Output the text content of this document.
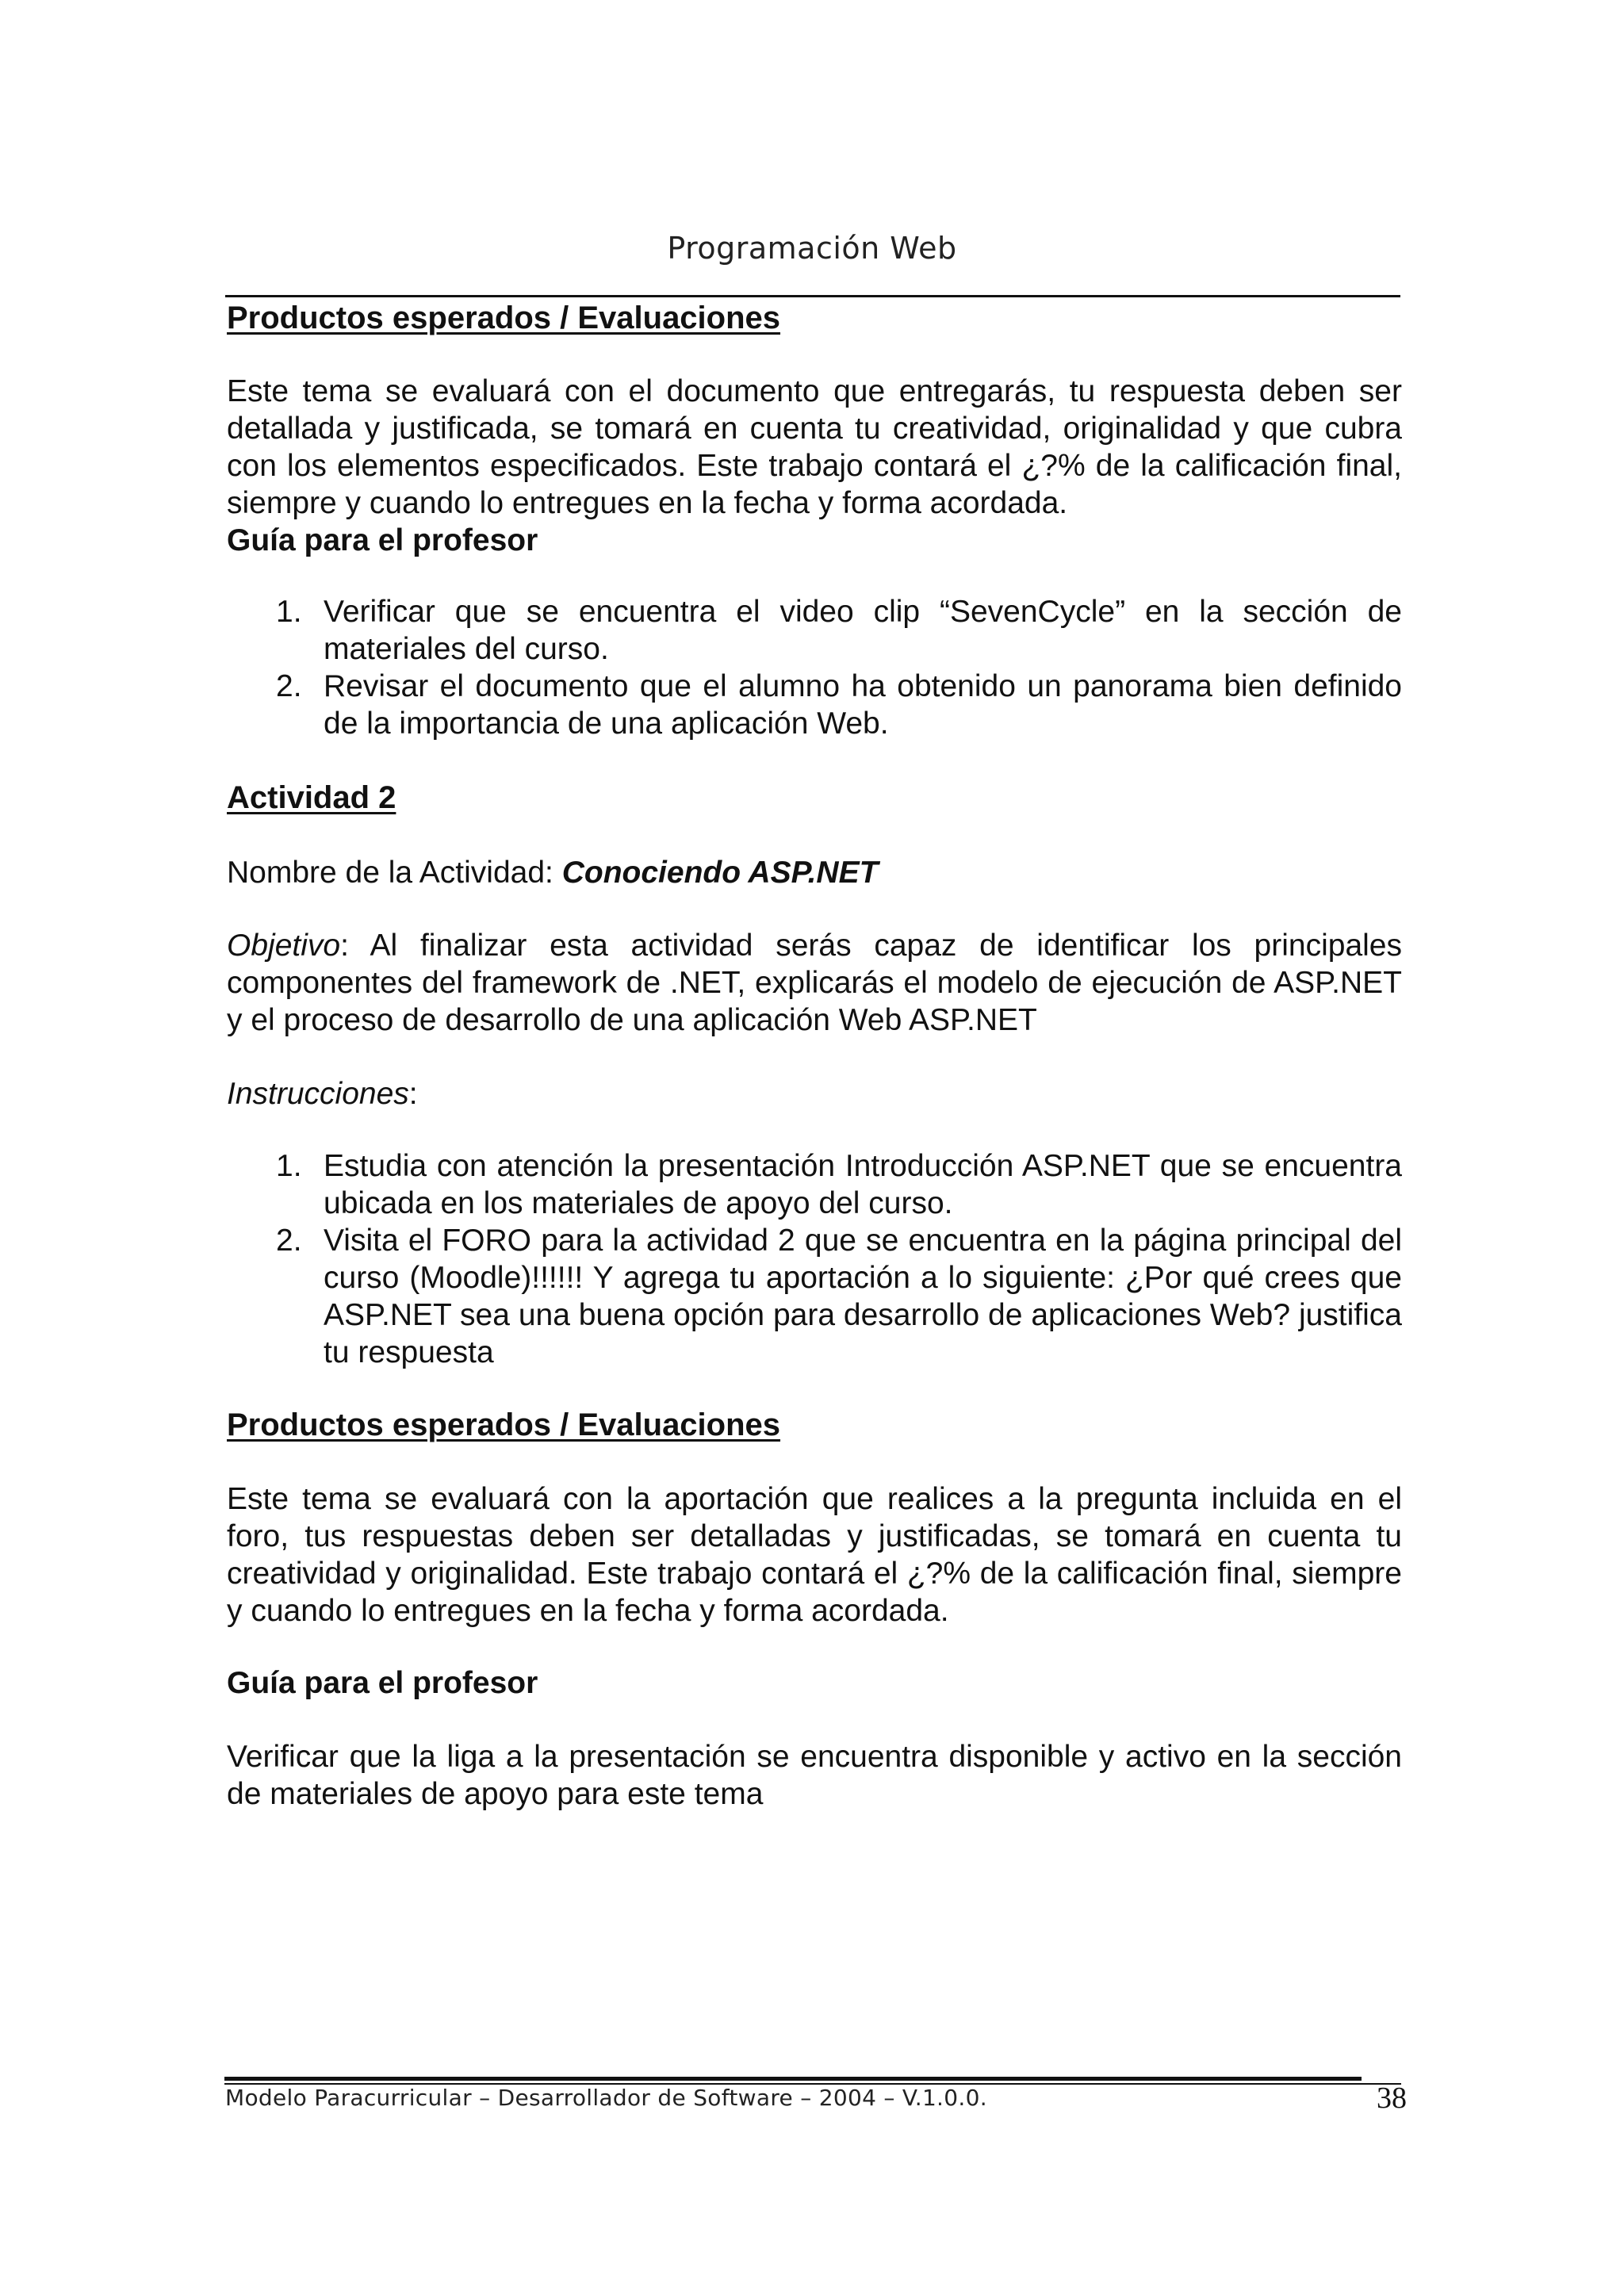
Programación Web

Productos esperados / Evaluaciones

Este tema se evaluará con el documento que entregarás, tu respuesta deben ser detallada y justificada, se tomará en cuenta tu creatividad, originalidad y que cubra con los elementos especificados. Este trabajo contará el ¿?% de la calificación final, siempre y cuando lo entregues en la fecha y forma acordada.

Guía para el profesor

1. Verificar que se encuentra el video clip “SevenCycle” en la sección de materiales del curso.
2. Revisar el documento que el alumno ha obtenido un panorama bien definido de la importancia de una aplicación Web.

Actividad 2

Nombre de la Actividad: Conociendo ASP.NET

Objetivo: Al finalizar esta actividad serás capaz de identificar los principales componentes del framework de .NET, explicarás el modelo de ejecución de ASP.NET y el proceso de desarrollo de una aplicación Web ASP.NET

Instrucciones:

1. Estudia con atención la presentación Introducción ASP.NET que se encuentra ubicada en los materiales de apoyo del curso.
2. Visita el FORO para la actividad 2 que se encuentra en la página principal del curso (Moodle)!!!!!! Y agrega tu aportación a lo siguiente: ¿Por qué crees que ASP.NET sea una buena opción para desarrollo de aplicaciones Web? justifica tu respuesta

Productos esperados / Evaluaciones

Este tema se evaluará con la aportación que realices a la pregunta incluida en el foro, tus respuestas deben ser detalladas y justificadas, se tomará en cuenta tu creatividad y originalidad. Este trabajo contará el ¿?% de la calificación final, siempre y cuando lo entregues en la fecha y forma acordada.

Guía para el profesor

Verificar que la liga a la presentación se encuentra disponible y activo en la sección de materiales de apoyo para este tema

Modelo Paracurricular – Desarrollador de Software – 2004 – V.1.0.0.	38
